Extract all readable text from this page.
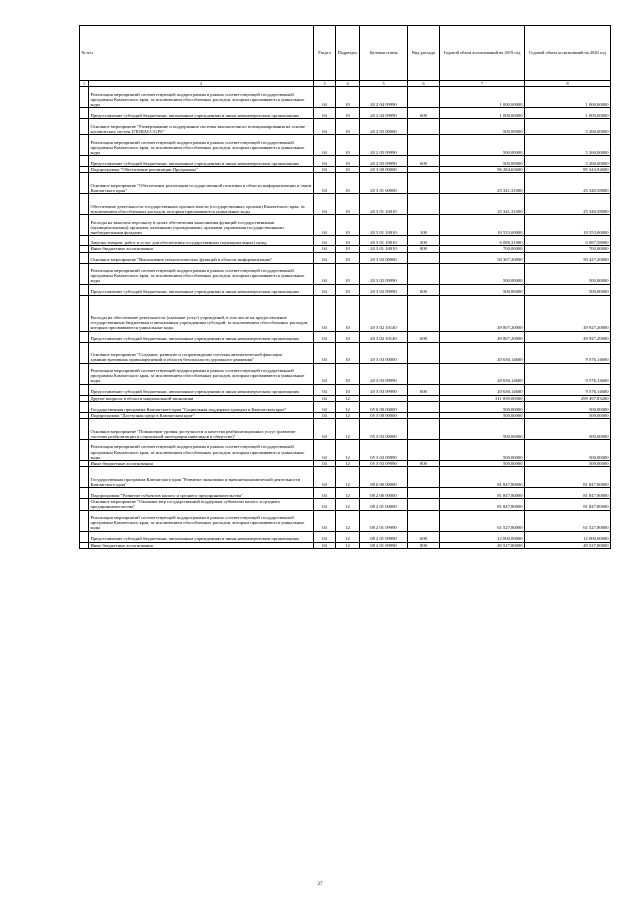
№ п/п		Раздел	Подраздел	Целевая статья	Вид расхода	Годовой объем ассигнований на 2019 год	Годовой объем ассигнований на 2020 год
1	2	3	4	5	6	7	8
	Реализация мероприятий соответствующей подпрограммы в рамках соответствующей государственной программы Камчатского края, за исключением обособленных расходов, которым присваиваются уникальные коды	04	10	20 2 04 09990		1 000,00000	1 000,00000
	Предоставление субсидий бюджетным, автономным учреждениям и иным некоммерческим организациям	04	10	20 2 04 09990	600	1 000,00000	1 000,00000
	Основное мероприятие "Развертывание и поддержание системы высокоточного позиционирования на основе космических систем ГЛОНАСС/GPS"	04	10	20 2 05 00000		500,00000	5 260,00000
	Реализация мероприятий соответствующей подпрограммы в рамках соответствующей государственной программы Камчатского края, за исключением обособленных расходов, которым присваиваются уникальные коды	04	10	20 2 05 09990		500,00000	5 260,00000
	Предоставление субсидий бюджетным, автономным учреждениям и иным некоммерческим организациям	04	10	20 2 05 09990	600	500,00000	5 260,00000
	Подпрограмма "Обеспечение реализации Программы"	04	10	20 3 00 00000		96 284,65600	85 343,92600
	Основное мероприятие "Обеспечение реализации государственной политики в области информатизации и связи Камчатского края"	04	10	20 3 01 00000		25 341,31000	25 340,58000
	Обеспечение деятельности государственных органов власти (государственных органов) Камчатского края, за исключением обособленных расходов, которым присваиваются уникальные коды	04	10	20 3 01 10010		25 341,31000	25 340,58000
	Расходы на выплаты персоналу в целях обеспечения выполнения функций государственными (муниципальными) органами, казенными учреждениями, органами управления государственными внебюджетными фондами	04	10	20 3 01 10010	100	18 553,00000	18 553,00000
	Закупка товаров, работ и услуг для обеспечения государственных (муниципальных) нужд	04	10	20 3 01 10010	200	6 088,31000	6 087,58000
	Иные бюджетные ассигнования	04	10	20 3 01 10010	800	700,00000	700,00000
	Основное мероприятие "Выполнение технологических функций в области информатизации"	04	10	20 3 02 00000		50 307,20000	50 427,20000
	Реализация мероприятий соответствующей подпрограммы в рамках соответствующей государственной программы Камчатского края, за исключением обособленных расходов, которым присваиваются уникальные коды	04	10	20 3 02 09990		500,00000	500,00000
	Предоставление субсидий бюджетным, автономным учреждениям и иным некоммерческим организациям	04	10	20 3 02 09990	600	500,00000	500,00000
	Расходы на обеспечение деятельности (оказание услуг) учреждений, в том числе на предоставление государственным бюджетным и автономным учреждениям субсидий, за исключением обособленных расходов, которым присваиваются уникальные коды	04	10	20 3 02 10140		49 807,20000	49 927,20000
	Предоставление субсидий бюджетным, автономным учреждениям и иным некоммерческим организациям	04	10	20 3 02 10140	600	49 807,20000	49 927,20000
	Основное мероприятие "Создание, развитие и сопровождение системы автоматической фиксации административных правонарушений в области безопасности дорожного движения"	04	10	20 3 03 00000		20 636,14600	9 576,14600
	Реализация мероприятий соответствующей подпрограммы в рамках соответствующей государственной программы Камчатского края, за исключением обособленных расходов, которым присваиваются уникальные коды	04	10	20 3 03 09990		20 636,14600	9 576,14600
	Предоставление субсидий бюджетным, автономным учреждениям и иным некоммерческим организациям	04	10	20 3 03 09990	600	20 636,14600	9 576,14600
	Другие вопросы в области национальной экономики	04	12			311 839,00000	299 497,83200
	Государственная программа Камчатского края "Социальная поддержка граждан в Камчатском крае"	04	12	05 0 00 00000		500,00000	500,00000
	Подпрограмма "Доступная среда в Камчатском крае"	04	12	05 3 00 00000		500,00000	500,00000
	Основное мероприятие "Повышение уровня доступности и качества реабилитационных услуг (развитие системы реабилитации и социальной интеграции инвалидов в общество)"	04	12	05 3 03 00000		500,00000	500,00000
	Реализация мероприятий соответствующей подпрограммы в рамках соответствующей государственной программы Камчатского края, за исключением обособленных расходов, которым присваиваются уникальные коды	04	12	05 3 03 09990		500,00000	500,00000
	Иные бюджетные ассигнования	04	12	05 3 03 09990	800	500,00000	500,00000
	Государственная программа Камчатского края "Развитие экономики и внешнеэкономической деятельности Камчатского края"	04	12	08 0 00 00000		81 847,80000	81 847,80000
	Подпрограмма "Развитие субъектов малого и среднего предпринимательства"	04	12	08 2 00 00000		81 847,80000	81 847,80000
	Основное мероприятие "Оказание мер государственной поддержки субъектам малого и среднего предпринимательства"	04	12	08 2 01 00000		81 847,80000	81 847,80000
	Реализация мероприятий соответствующей подпрограммы в рамках соответствующей государственной программы Камчатского края, за исключением обособленных расходов, которым присваиваются уникальные коды	04	12	08 2 01 09990		61 527,80000	61 527,80000
	Предоставление субсидий бюджетным, автономным учреждениям и иным некоммерческим организациям	04	12	08 2 01 09990	600	12 000,00000	12 000,00000
	Иные бюджетные ассигнования	04	12	08 2 01 09990	800	49 527,80000	49 527,80000
27
